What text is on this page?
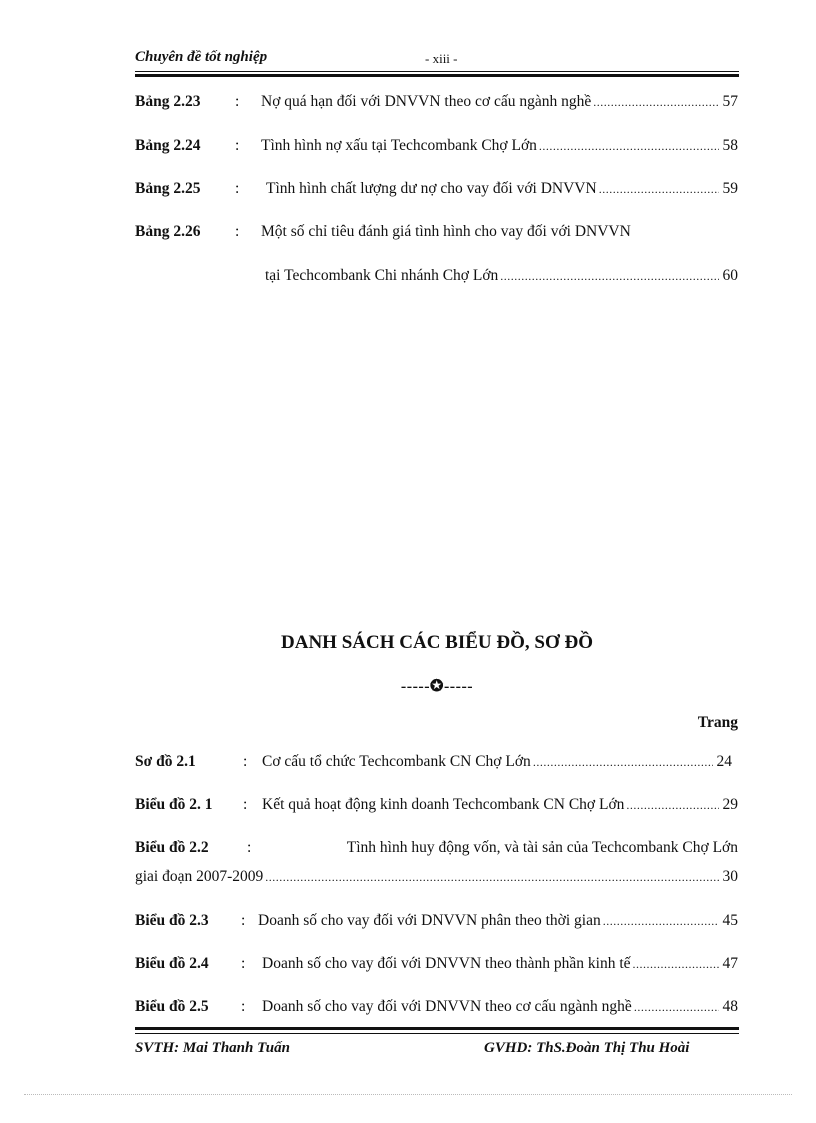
Chuyên đề tốt nghiệp	- xiii -
Bảng 2.23 : Nợ quá hạn đối với DNVVN theo cơ cấu ngành nghề .....	57
Bảng 2.24 : Tình hình nợ xấu tại Techcombank Chợ Lớn .....	58
Bảng 2.25 : Tình hình chất lượng dư nợ cho vay đối với DNVVN .....	59
Bảng 2.26 : Một số chỉ tiêu đánh giá tình hình cho vay đối với DNVVN
tại Techcombank Chi nhánh Chợ Lớn .....	60
DANH SÁCH CÁC BIỂU ĐỒ, SƠ ĐỒ
-----✪-----
Trang
Sơ đồ 2.1	: Cơ cấu tổ chức Techcombank CN Chợ Lớn .....	24
Biểu đồ 2. 1 : Kết quả hoạt động kinh doanh Techcombank CN Chợ Lớn .....	29
Biểu đồ 2.2 :	Tình hình huy động vốn, và tài sản của Techcombank Chợ Lớn
giai đoạn 2007-2009 .....	30
Biểu đồ 2.3 : Doanh số cho vay đối với DNVVN phân theo thời gian .....	45
Biểu đồ 2.4 : Doanh số cho vay đối với DNVVN theo thành phần kinh tế .....	47
Biểu đồ 2.5 : Doanh số cho vay đối với DNVVN theo cơ cấu ngành nghề .....	48
SVTH: Mai Thanh Tuấn	GVHD: ThS.Đoàn Thị Thu Hoài
